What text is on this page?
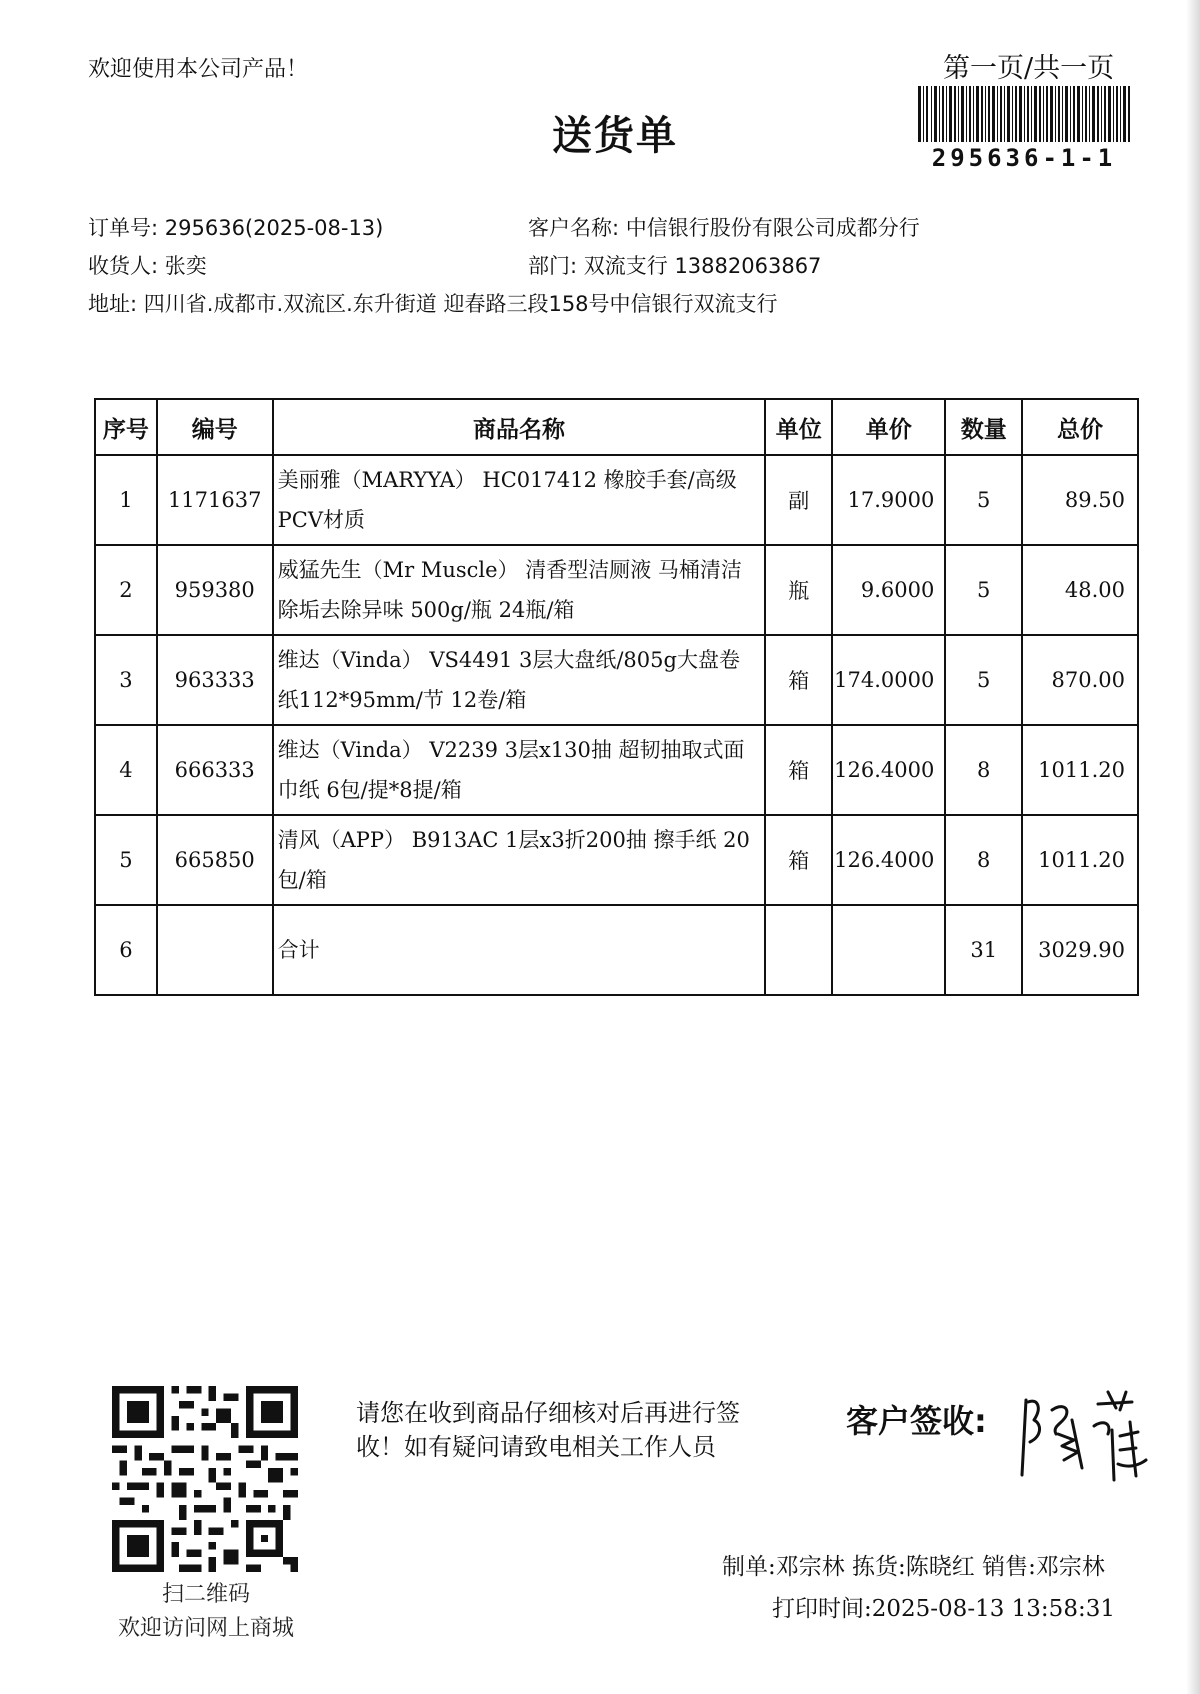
欢迎使用本公司产品！	第一页/共一页
送货单	295636-1-1
订单号: 295636(2025-08-13)	客户名称: 中信银行股份有限公司成都分行
收货人: 张奕	部门: 双流支行 13882063867
地址: 四川省.成都市.双流区.东升街道 迎春路三段158号中信银行双流支行
序号	编号	商品名称	单位	单价	数量	总价
1	1171637	美丽雅（MARYYA） HC017412 橡胶手套/高级PCV材质	副	17.9000	5	89.50
2	959380	威猛先生（Mr Muscle） 清香型洁厕液 马桶清洁除垢去除异味 500g/瓶 24瓶/箱	瓶	9.6000	5	48.00
3	963333	维达（Vinda） VS4491 3层大盘纸/805g大盘卷纸112*95mm/节 12卷/箱	箱	174.0000	5	870.00
4	666333	维达（Vinda） V2239 3层x130抽 超韧抽取式面巾纸 6包/提*8提/箱	箱	126.4000	8	1011.20
5	665850	清风（APP） B913AC 1层x3折200抽 擦手纸 20包/箱	箱	126.4000	8	1011.20
6		合计			31	3029.90
扫二维码
欢迎访问网上商城
请您在收到商品仔细核对后再进行签
收！如有疑问请致电相关工作人员
客户签收:
制单:邓宗林 拣货:陈晓红 销售:邓宗林
打印时间:2025-08-13 13:58:31
